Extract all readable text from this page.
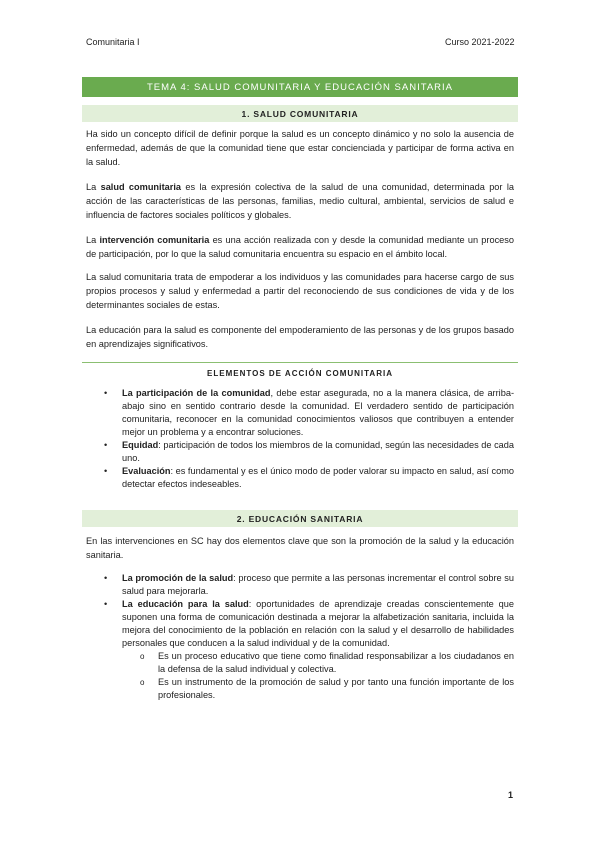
Comunitaria I	Curso 2021-2022
TEMA 4: SALUD COMUNITARIA Y EDUCACIÓN SANITARIA
1. SALUD COMUNITARIA
Ha sido un concepto difícil de definir porque la salud es un concepto dinámico y no solo la ausencia de enfermedad, además de que la comunidad tiene que estar concienciada y participar de forma activa en la salud.
La salud comunitaria es la expresión colectiva de la salud de una comunidad, determinada por la acción de las características de las personas, familias, medio cultural, ambiental, servicios de salud e influencia de factores sociales políticos y globales.
La intervención comunitaria es una acción realizada con y desde la comunidad mediante un proceso de participación, por lo que la salud comunitaria encuentra su espacio en el ámbito local.
La salud comunitaria trata de empoderar a los individuos y las comunidades para hacerse cargo de sus propios procesos y salud y enfermedad a partir del reconociendo de sus condiciones de vida y de los determinantes sociales de estas.
La educación para la salud es componente del empoderamiento de las personas y de los grupos basado en aprendizajes significativos.
ELEMENTOS DE ACCIÓN COMUNITARIA
• La participación de la comunidad, debe estar asegurada, no a la manera clásica, de arriba-abajo sino en sentido contrario desde la comunidad. El verdadero sentido de participación comunitaria, reconocer en la comunidad conocimientos valiosos que contribuyen a entender mejor un problema y a encontrar soluciones.
• Equidad: participación de todos los miembros de la comunidad, según las necesidades de cada uno.
• Evaluación: es fundamental y es el único modo de poder valorar su impacto en salud, así como detectar efectos indeseables.
2. EDUCACIÓN SANITARIA
En las intervenciones en SC hay dos elementos clave que son la promoción de la salud y la educación sanitaria.
• La promoción de la salud: proceso que permite a las personas incrementar el control sobre su salud para mejorarla.
• La educación para la salud: oportunidades de aprendizaje creadas conscientemente que suponen una forma de comunicación destinada a mejorar la alfabetización sanitaria, incluida la mejora del conocimiento de la población en relación con la salud y el desarrollo de habilidades personales que conducen a la salud individual y de la comunidad.
o Es un proceso educativo que tiene como finalidad responsabilizar a los ciudadanos en la defensa de la salud individual y colectiva.
o Es un instrumento de la promoción de salud y por tanto una función importante de los profesionales.
1
